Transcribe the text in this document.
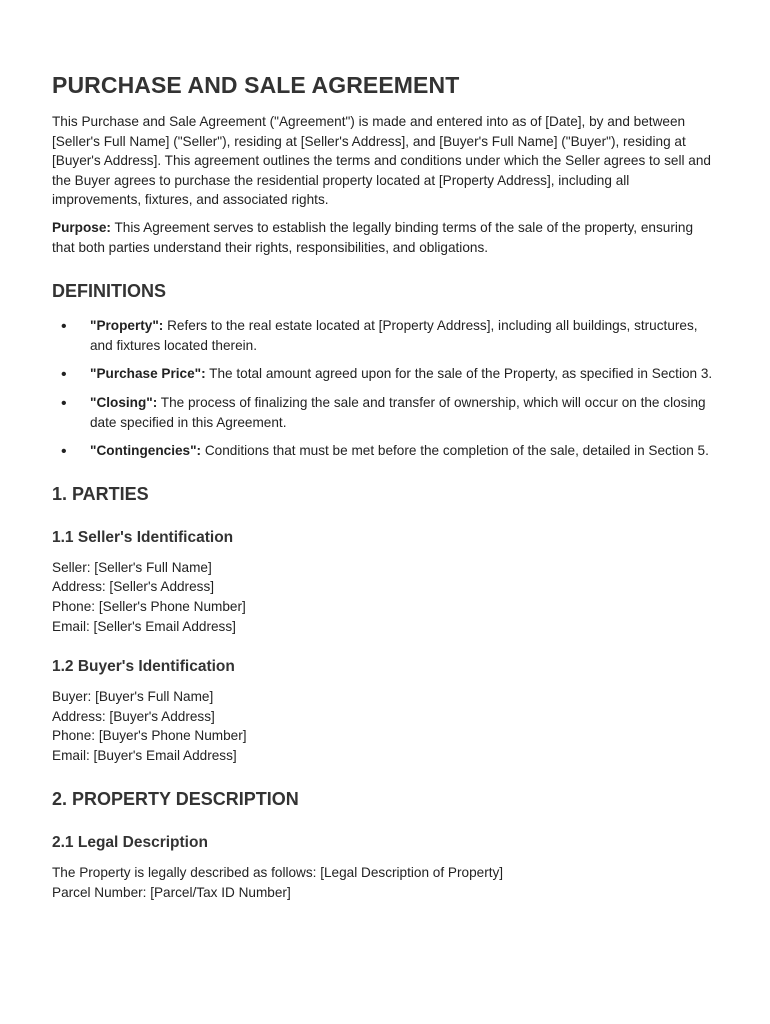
PURCHASE AND SALE AGREEMENT

This Purchase and Sale Agreement ("Agreement") is made and entered into as of [Date], by and between [Seller's Full Name] ("Seller"), residing at [Seller's Address], and [Buyer's Full Name] ("Buyer"), residing at [Buyer's Address]. This agreement outlines the terms and conditions under which the Seller agrees to sell and the Buyer agrees to purchase the residential property located at [Property Address], including all improvements, fixtures, and associated rights.

Purpose: This Agreement serves to establish the legally binding terms of the sale of the property, ensuring that both parties understand their rights, responsibilities, and obligations.

DEFINITIONS
• "Property": Refers to the real estate located at [Property Address], including all buildings, structures, and fixtures located therein.
• "Purchase Price": The total amount agreed upon for the sale of the Property, as specified in Section 3.
• "Closing": The process of finalizing the sale and transfer of ownership, which will occur on the closing date specified in this Agreement.
• "Contingencies": Conditions that must be met before the completion of the sale, detailed in Section 5.
1. PARTIES
1.1 Seller's Identification
Seller: [Seller's Full Name]
Address: [Seller's Address]
Phone: [Seller's Phone Number]
Email: [Seller's Email Address]
1.2 Buyer's Identification
Buyer: [Buyer's Full Name]
Address: [Buyer's Address]
Phone: [Buyer's Phone Number]
Email: [Buyer's Email Address]
2. PROPERTY DESCRIPTION
2.1 Legal Description
The Property is legally described as follows: [Legal Description of Property]
Parcel Number: [Parcel/Tax ID Number]
